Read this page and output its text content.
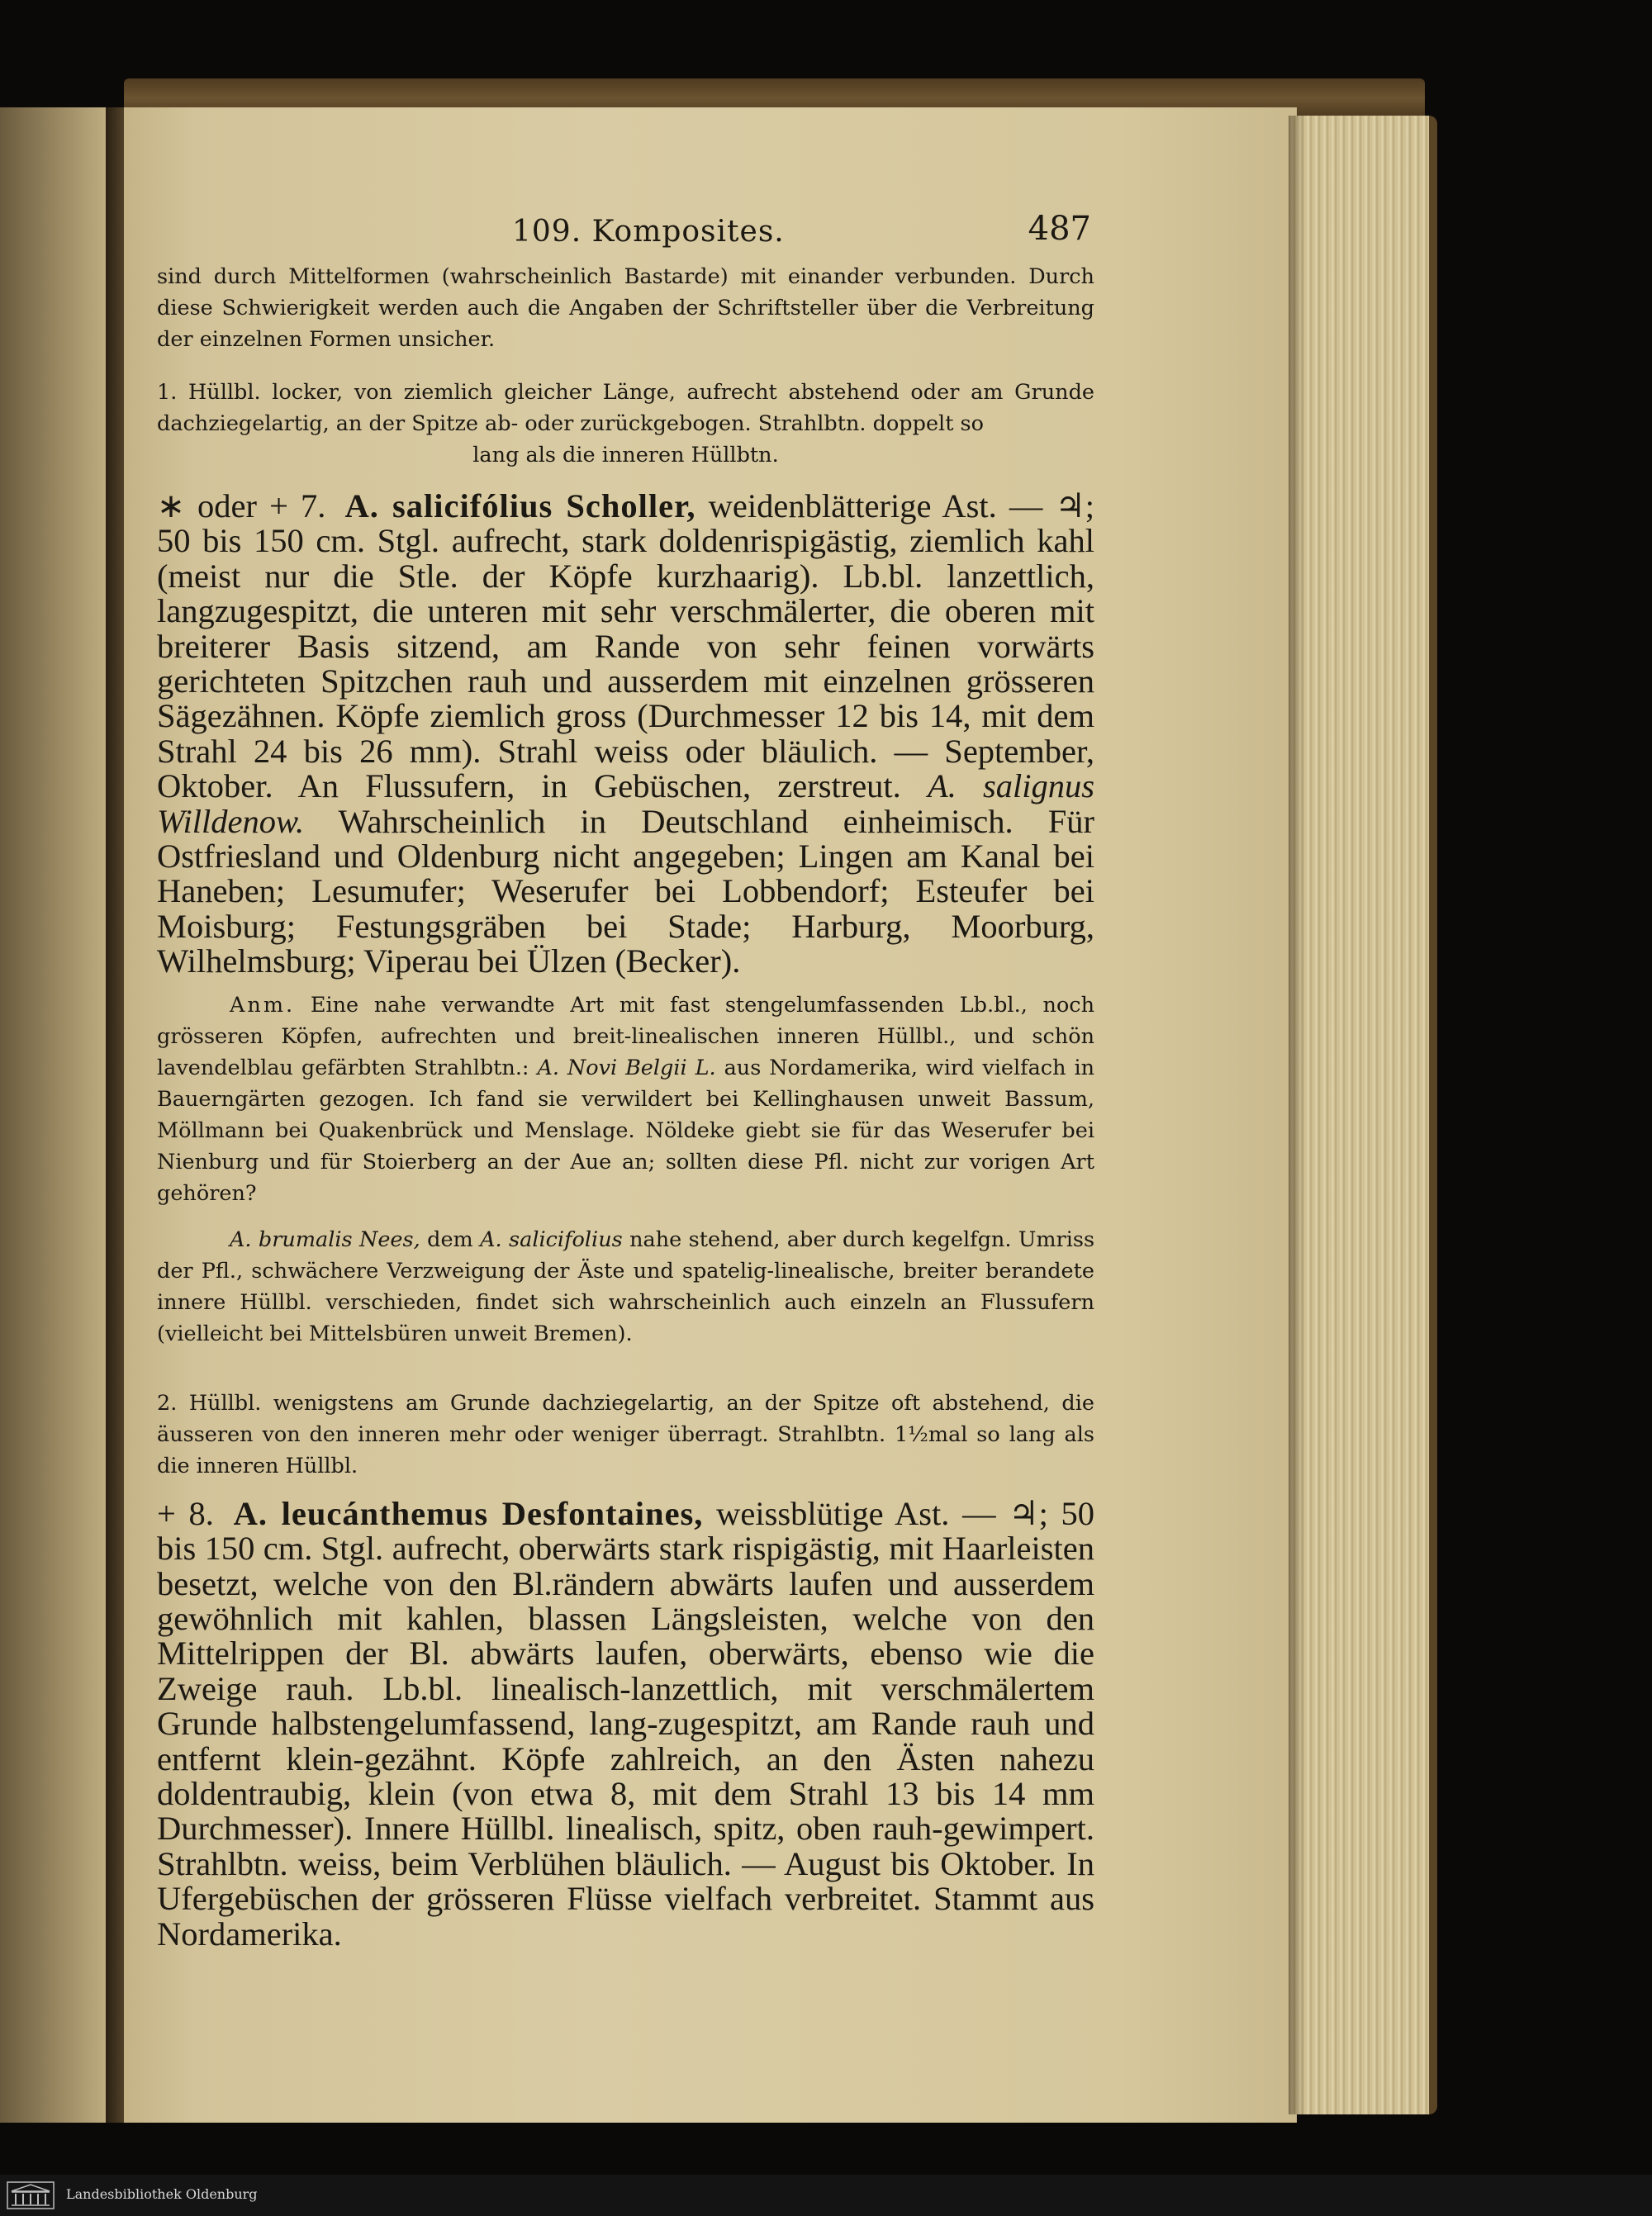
109. Komposites.	487

sind durch Mittelformen (wahrscheinlich Bastarde) mit einander verbunden. Durch diese Schwierigkeit werden auch die Angaben der Schriftsteller über die Verbreitung der einzelnen Formen unsicher.

1. Hüllbl. locker, von ziemlich gleicher Länge, aufrecht abstehend oder am Grunde dachziegelartig, an der Spitze ab- oder zurückgebogen. Strahlbtn. doppelt so
lang als die inneren Hüllbtn.

∗ oder + 7. A. salicifólius Scholler, weidenblätterige Ast. — ♃; 50 bis 150 cm. Stgl. aufrecht, stark doldenrispigästig, ziemlich kahl (meist nur die Stle. der Köpfe kurzhaarig). Lb.bl. lanzettlich, langzugespitzt, die unteren mit sehr verschmälerter, die oberen mit breiterer Basis sitzend, am Rande von sehr feinen vorwärts gerichteten Spitzchen rauh und ausserdem mit einzelnen grösseren Sägezähnen. Köpfe ziemlich gross (Durchmesser 12 bis 14, mit dem Strahl 24 bis 26 mm). Strahl weiss oder bläulich. — September, Oktober. An Flussufern, in Gebüschen, zerstreut. A. salignus Willdenow. Wahrscheinlich in Deutschland einheimisch. Für Ostfriesland und Oldenburg nicht angegeben; Lingen am Kanal bei Haneben; Lesumufer; Weserufer bei Lobbendorf; Esteufer bei Moisburg; Festungsgräben bei Stade; Harburg, Moorburg, Wilhelmsburg; Viperau bei Ülzen (Becker).

Anm. Eine nahe verwandte Art mit fast stengelumfassenden Lb.bl., noch grösseren Köpfen, aufrechten und breit-linealischen inneren Hüllbl., und schön lavendelblau gefärbten Strahlbtn.: A. Novi Belgii L. aus Nordamerika, wird vielfach in Bauerngärten gezogen. Ich fand sie verwildert bei Kellinghausen unweit Bassum, Möllmann bei Quakenbrück und Menslage. Nöldeke giebt sie für das Weserufer bei Nienburg und für Stoierberg an der Aue an; sollten diese Pfl. nicht zur vorigen Art gehören?

A. brumalis Nees, dem A. salicifolius nahe stehend, aber durch kegelfgn. Umriss der Pfl., schwächere Verzweigung der Äste und spatelig-linealische, breiter berandete innere Hüllbl. verschieden, findet sich wahrscheinlich auch einzeln an Flussufern (vielleicht bei Mittelsbüren unweit Bremen).

2. Hüllbl. wenigstens am Grunde dachziegelartig, an der Spitze oft abstehend, die äusseren von den inneren mehr oder weniger überragt. Strahlbtn. 1½mal so lang als die inneren Hüllbl.

+ 8. A. leucánthemus Desfontaines, weissblütige Ast. — ♃; 50 bis 150 cm. Stgl. aufrecht, oberwärts stark rispigästig, mit Haarleisten besetzt, welche von den Bl.rändern abwärts laufen und ausserdem gewöhnlich mit kahlen, blassen Längsleisten, welche von den Mittelrippen der Bl. abwärts laufen, oberwärts, ebenso wie die Zweige rauh. Lb.bl. linealisch-lanzettlich, mit verschmälertem Grunde halbstengelumfassend, lang-zugespitzt, am Rande rauh und entfernt klein-gezähnt. Köpfe zahlreich, an den Ästen nahezu doldentraubig, klein (von etwa 8, mit dem Strahl 13 bis 14 mm Durchmesser). Innere Hüllbl. linealisch, spitz, oben rauh-gewimpert. Strahlbtn. weiss, beim Verblühen bläulich. — August bis Oktober. In Ufergebüschen der grösseren Flüsse vielfach verbreitet. Stammt aus Nordamerika.

Landesbibliothek Oldenburg
